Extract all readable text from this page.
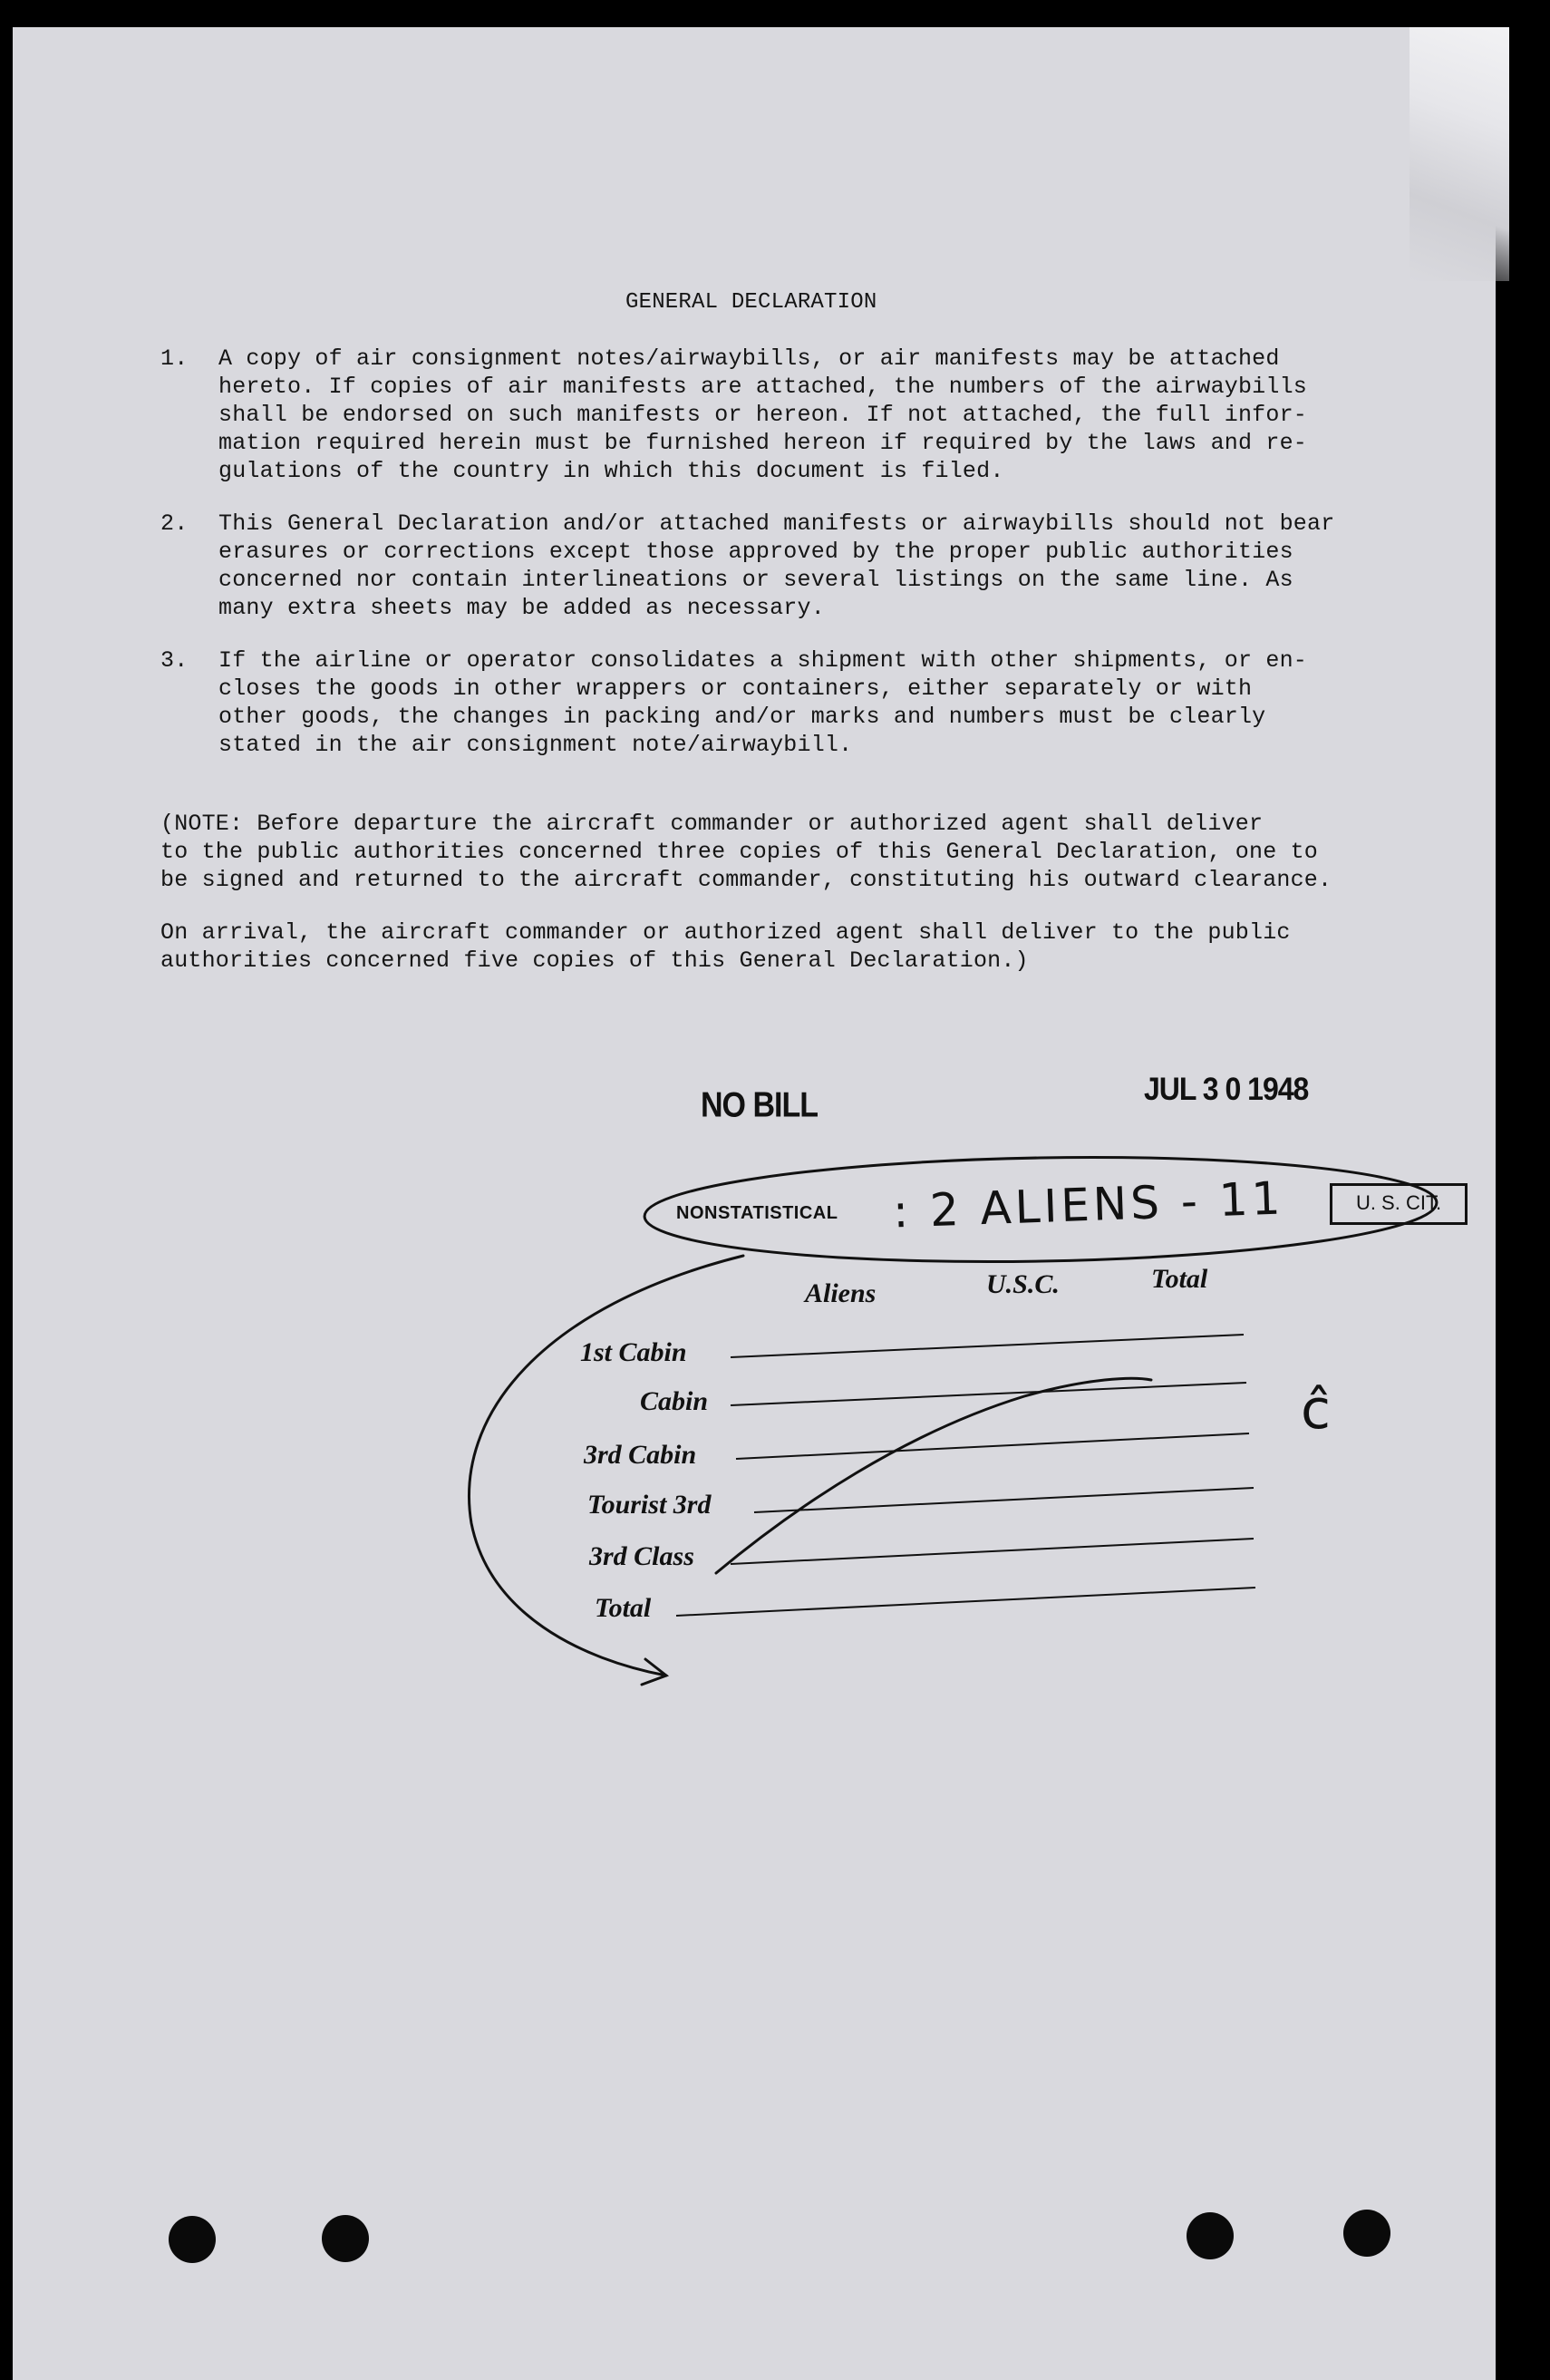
GENERAL DECLARATION
1. A copy of air consignment notes/airwaybills, or air manifests may be attached
hereto. If copies of air manifests are attached, the numbers of the airwaybills
shall be endorsed on such manifests or hereon. If not attached, the full infor-
mation required herein must be furnished hereon if required by the laws and re-
gulations of the country in which this document is filed.
2. This General Declaration and/or attached manifests or airwaybills should not bear
erasures or corrections except those approved by the proper public authorities
concerned nor contain interlineations or several listings on the same line. As
many extra sheets may be added as necessary.
3. If the airline or operator consolidates a shipment with other shipments, or en-
closes the goods in other wrappers or containers, either separately or with
other goods, the changes in packing and/or marks and numbers must be clearly
stated in the air consignment note/airwaybill.
(NOTE: Before departure the aircraft commander or authorized agent shall deliver
to the public authorities concerned three copies of this General Declaration, one to
be signed and returned to the aircraft commander, constituting his outward clearance.
On arrival, the aircraft commander or authorized agent shall deliver to the public
authorities concerned five copies of this General Declaration.)
NO BILL	JUL 3 0 1948
NONSTATISTICAL	U. S. CIT.
: 2 ALIENS - 11
ĉ
Aliens	U.S.C.	Total
1st Cabin
Cabin
3rd Cabin
Tourist 3rd
3rd Class
Total
